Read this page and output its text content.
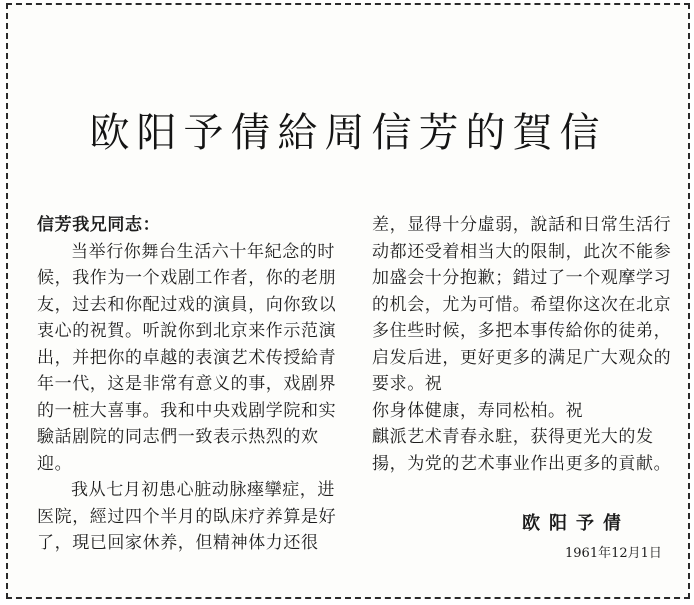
欧阳予倩給周信芳的賀信
信芳我兄同志：
当举行你舞台生活六十年紀念的时
候，我作为一个戏剧工作者，你的老朋
友，过去和你配过戏的演員，向你致以
衷心的祝賀。听說你到北京来作示范演
出，并把你的卓越的表演艺术传授給青
年一代，这是非常有意义的事，戏剧界
的一桩大喜事。我和中央戏剧学院和实
驗話剧院的同志們一致表示热烈的欢
迎。
我从七月初患心脏动脉瘞攣症，进
医院，經过四个半月的臥床疗养算是好
了，現已回家休养，但精神体力还很
差，显得十分虛弱，說話和日常生活行
动都还受着相当大的限制，此次不能参
加盛会十分抱歉；錯过了一个观摩学习
的机会，尤为可惜。希望你这次在北京
多住些时候，多把本事传給你的徒弟，
启发后进，更好更多的满足广大观众的
要求。祝
你身体健康，寿同松柏。祝
麒派艺术青春永駐，获得更光大的发
揚，为党的艺术事业作出更多的貢献。
欧阳予倩
1961年12月1日
